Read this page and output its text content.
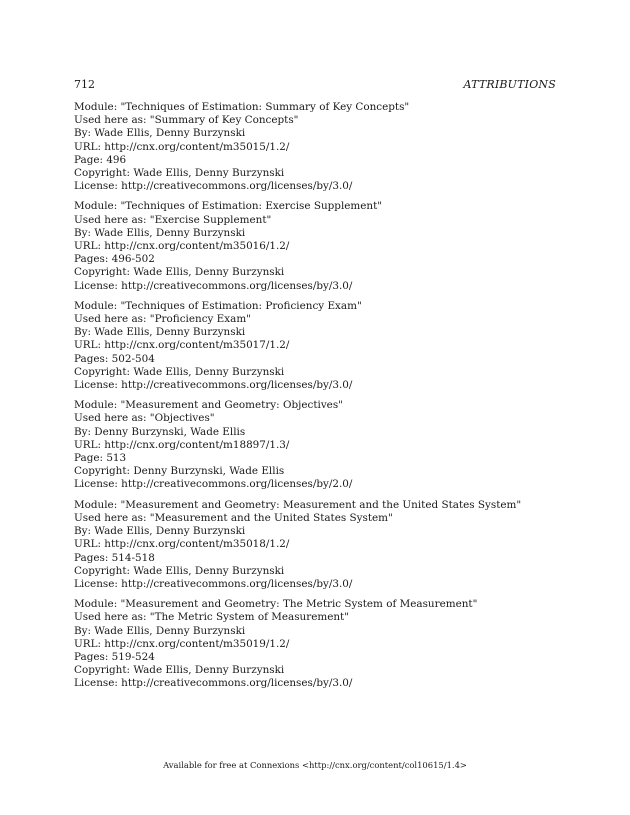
712	ATTRIBUTIONS
Module: "Techniques of Estimation: Summary of Key Concepts"
Used here as: "Summary of Key Concepts"
By: Wade Ellis, Denny Burzynski
URL: http://cnx.org/content/m35015/1.2/
Page: 496
Copyright: Wade Ellis, Denny Burzynski
License: http://creativecommons.org/licenses/by/3.0/
Module: "Techniques of Estimation: Exercise Supplement"
Used here as: "Exercise Supplement"
By: Wade Ellis, Denny Burzynski
URL: http://cnx.org/content/m35016/1.2/
Pages: 496-502
Copyright: Wade Ellis, Denny Burzynski
License: http://creativecommons.org/licenses/by/3.0/
Module: "Techniques of Estimation: Proficiency Exam"
Used here as: "Proficiency Exam"
By: Wade Ellis, Denny Burzynski
URL: http://cnx.org/content/m35017/1.2/
Pages: 502-504
Copyright: Wade Ellis, Denny Burzynski
License: http://creativecommons.org/licenses/by/3.0/
Module: "Measurement and Geometry: Objectives"
Used here as: "Objectives"
By: Denny Burzynski, Wade Ellis
URL: http://cnx.org/content/m18897/1.3/
Page: 513
Copyright: Denny Burzynski, Wade Ellis
License: http://creativecommons.org/licenses/by/2.0/
Module: "Measurement and Geometry: Measurement and the United States System"
Used here as: "Measurement and the United States System"
By: Wade Ellis, Denny Burzynski
URL: http://cnx.org/content/m35018/1.2/
Pages: 514-518
Copyright: Wade Ellis, Denny Burzynski
License: http://creativecommons.org/licenses/by/3.0/
Module: "Measurement and Geometry: The Metric System of Measurement"
Used here as: "The Metric System of Measurement"
By: Wade Ellis, Denny Burzynski
URL: http://cnx.org/content/m35019/1.2/
Pages: 519-524
Copyright: Wade Ellis, Denny Burzynski
License: http://creativecommons.org/licenses/by/3.0/
Available for free at Connexions <http://cnx.org/content/col10615/1.4>
